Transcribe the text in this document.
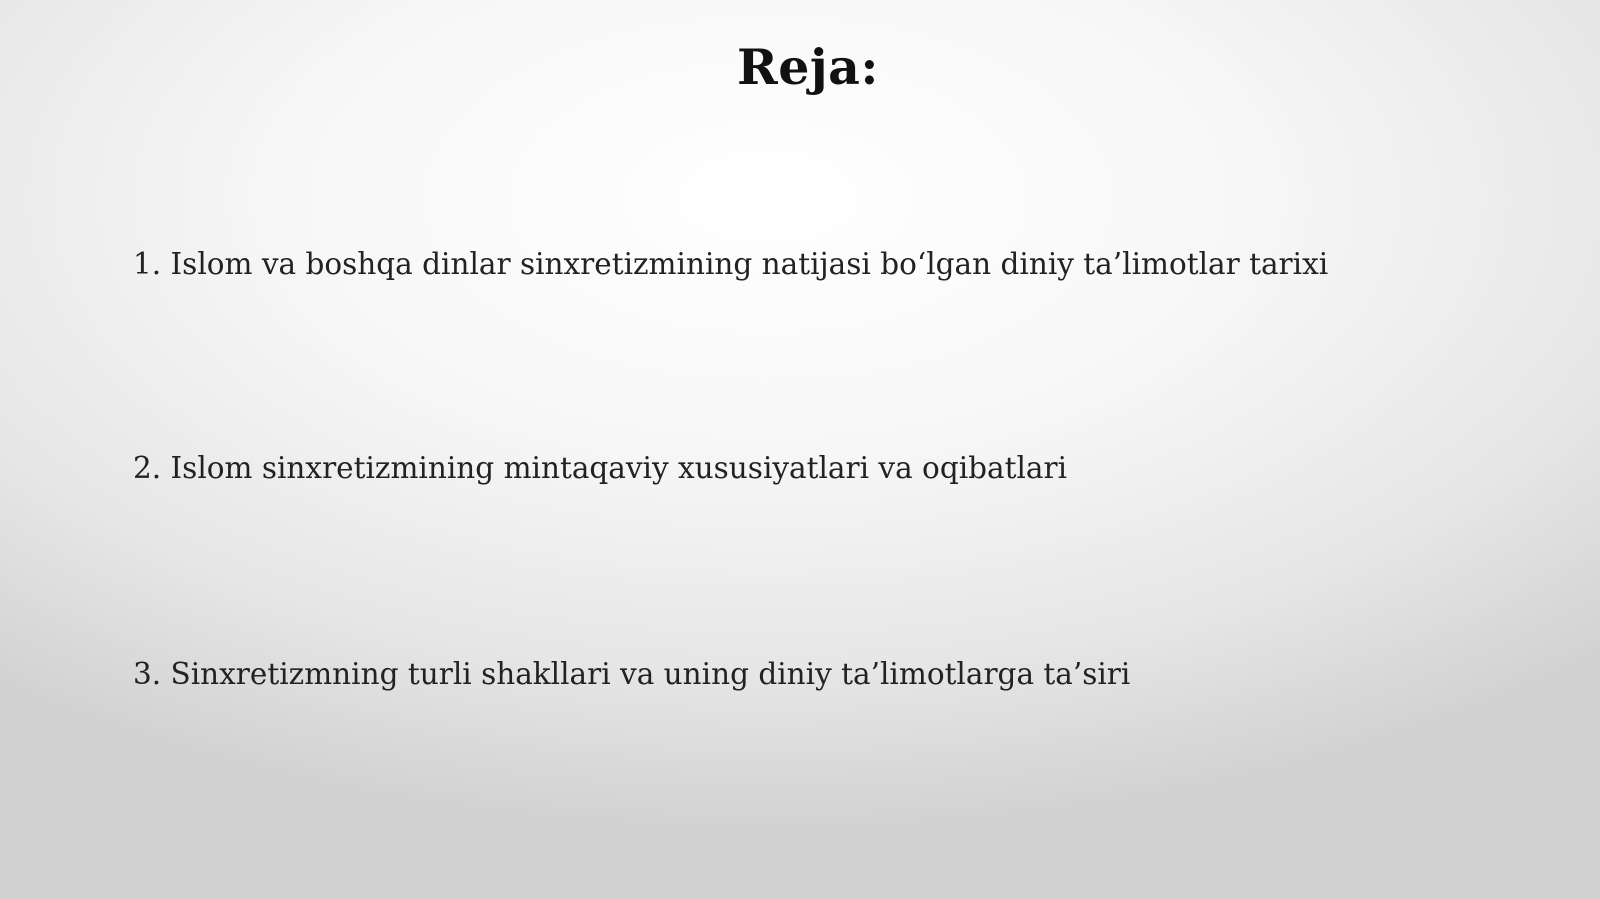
Reja:
1. Islom va boshqa dinlar sinxretizmining natijasi bo‘lgan diniy ta’limotlar tarixi
2. Islom sinxretizmining mintaqaviy xususiyatlari va oqibatlari
3. Sinxretizmning turli shakllari va uning diniy ta’limotlarga ta’siri
